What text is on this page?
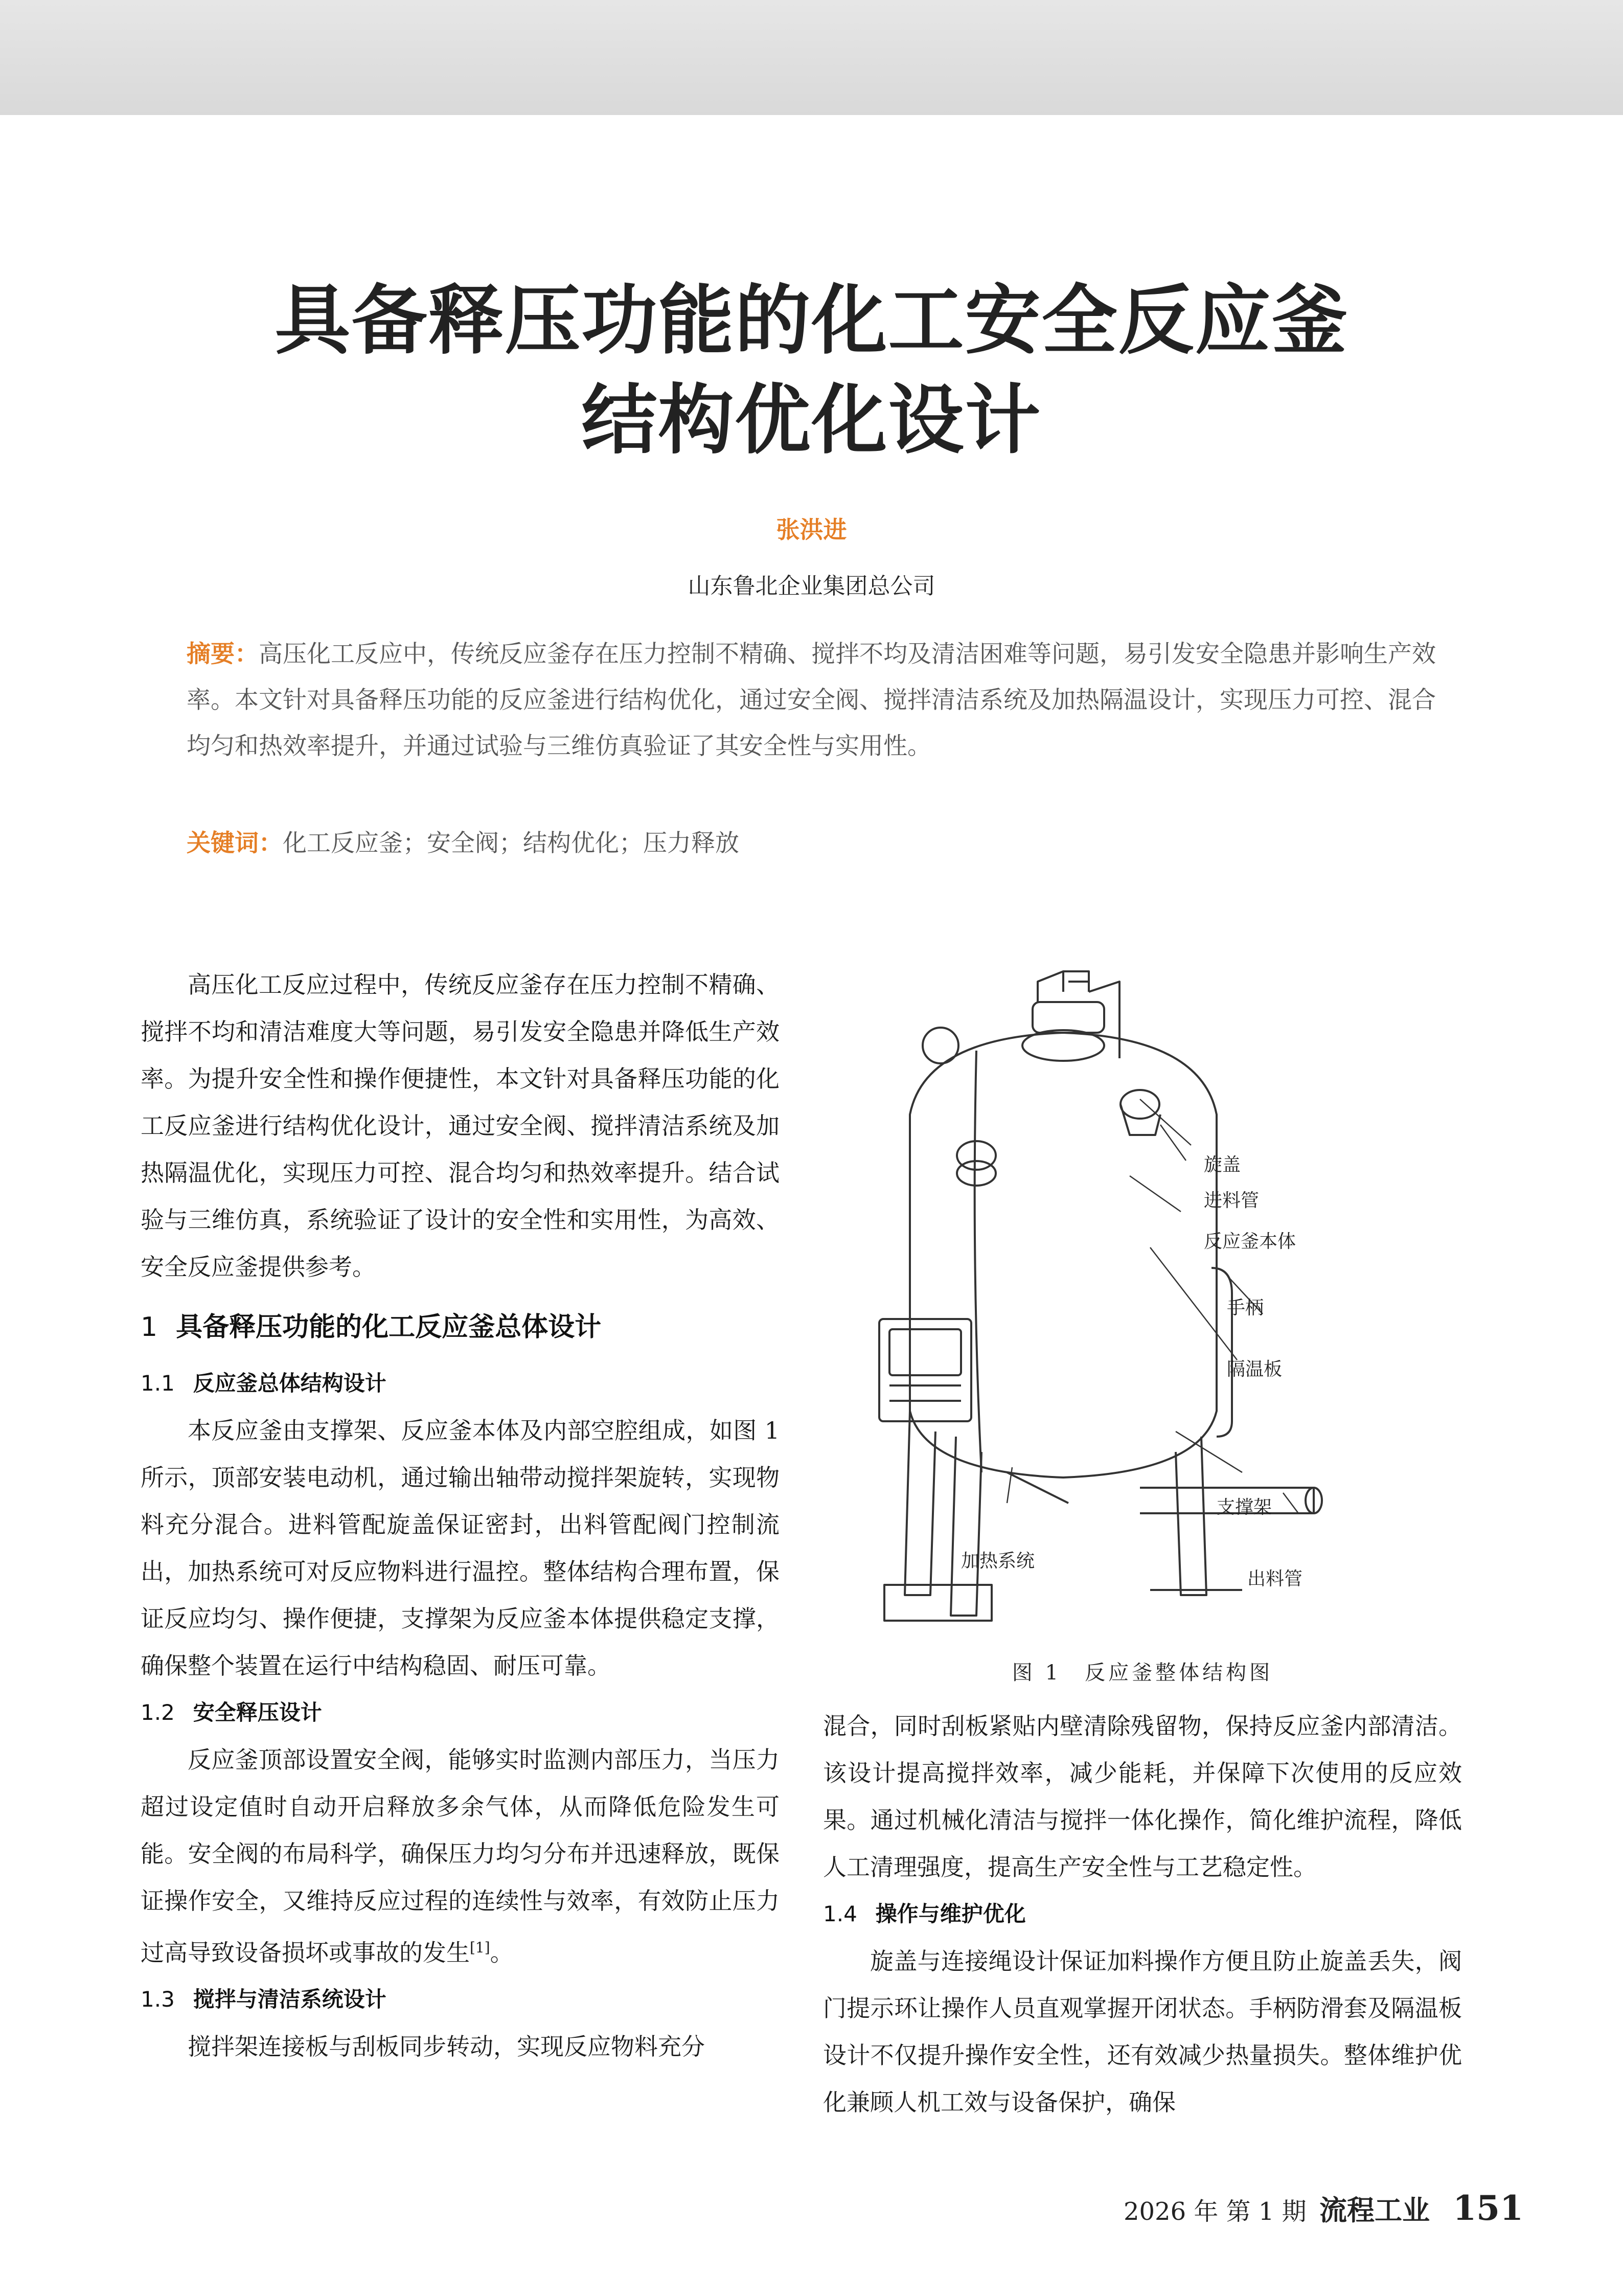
具备释压功能的化工安全反应釜
结构优化设计
张洪进
山东鲁北企业集团总公司
摘要：高压化工反应中，传统反应釜存在压力控制不精确、搅拌不均及清洁困难等问题，易引发安全隐患并影响生产效率。本文针对具备释压功能的反应釜进行结构优化，通过安全阀、搅拌清洁系统及加热隔温设计，实现压力可控、混合均匀和热效率提升，并通过试验与三维仿真验证了其安全性与实用性。
关键词：化工反应釜；安全阀；结构优化；压力释放

高压化工反应过程中，传统反应釜存在压力控制不精确、搅拌不均和清洁难度大等问题，易引发安全隐患并降低生产效率。为提升安全性和操作便捷性，本文针对具备释压功能的化工反应釜进行结构优化设计，通过安全阀、搅拌清洁系统及加热隔温优化，实现压力可控、混合均匀和热效率提升。结合试验与三维仿真，系统验证了设计的安全性和实用性，为高效、安全反应釜提供参考。

1 具备释压功能的化工反应釜总体设计
1.1 反应釜总体结构设计

本反应釜由支撑架、反应釜本体及内部空腔组成，如图 1 所示，顶部安装电动机，通过输出轴带动搅拌架旋转，实现物料充分混合。进料管配旋盖保证密封，出料管配阀门控制流出，加热系统可对反应物料进行温控。整体结构合理布置，保证反应均匀、操作便捷，支撑架为反应釜本体提供稳定支撑，确保整个装置在运行中结构稳固、耐压可靠。

1.2 安全释压设计

反应釜顶部设置安全阀，能够实时监测内部压力，当压力超过设定值时自动开启释放多余气体，从而降低危险发生可能。安全阀的布局科学，确保压力均匀分布并迅速释放，既保证操作安全，又维持反应过程的连续性与效率，有效防止压力过高导致设备损坏或事故的发生[1]。

1.3 搅拌与清洁系统设计

搅拌架连接板与刮板同步转动，实现反应物料充分

旋盖
进料管
反应釜本体
手柄
隔温板
支撑架
加热系统
出料管
图 1　反应釜整体结构图

混合，同时刮板紧贴内壁清除残留物，保持反应釜内部清洁。该设计提高搅拌效率，减少能耗，并保障下次使用的反应效果。通过机械化清洁与搅拌一体化操作，简化维护流程，降低人工清理强度，提高生产安全性与工艺稳定性。

1.4 操作与维护优化

旋盖与连接绳设计保证加料操作方便且防止旋盖丢失，阀门提示环让操作人员直观掌握开闭状态。手柄防滑套及隔温板设计不仅提升操作安全性，还有效减少热量损失。整体维护优化兼顾人机工效与设备保护，确保

2026 年 第 1 期 流程工业 151
